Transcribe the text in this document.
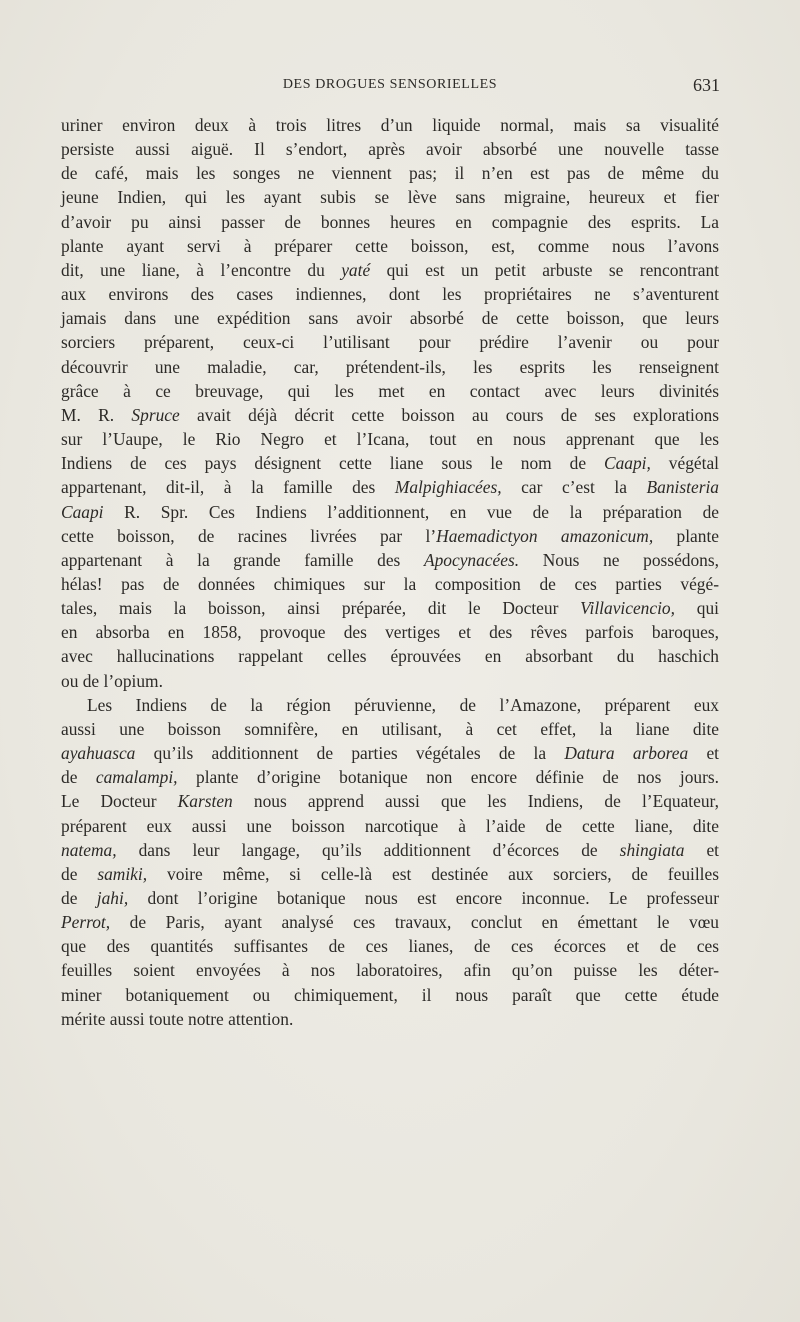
DES DROGUES SENSORIELLES	631
uriner environ deux à trois litres d’un liquide normal, mais sa visualité
persiste aussi aiguë. Il s’endort, après avoir absorbé une nouvelle tasse
de café, mais les songes ne viennent pas; il n’en est pas de même du
jeune Indien, qui les ayant subis se lève sans migraine, heureux et fier
d’avoir pu ainsi passer de bonnes heures en compagnie des esprits. La
plante ayant servi à préparer cette boisson, est, comme nous l’avons
dit, une liane, à l’encontre du yaté qui est un petit arbuste se rencontrant
aux environs des cases indiennes, dont les propriétaires ne s’aventurent
jamais dans une expédition sans avoir absorbé de cette boisson, que leurs
sorciers préparent, ceux-ci l’utilisant pour prédire l’avenir ou pour
découvrir une maladie, car, prétendent-ils, les esprits les renseignent
grâce à ce breuvage, qui les met en contact avec leurs divinités
M. R. Spruce avait déjà décrit cette boisson au cours de ses explorations
sur l’Uaupe, le Rio Negro et l’Icana, tout en nous apprenant que les
Indiens de ces pays désignent cette liane sous le nom de Caapi, végétal
appartenant, dit-il, à la famille des Malpighiacées, car c’est la Banisteria
Caapi R. Spr. Ces Indiens l’additionnent, en vue de la préparation de
cette boisson, de racines livrées par l’Haemadictyon amazonicum, plante
appartenant à la grande famille des Apocynacées. Nous ne possédons,
hélas! pas de données chimiques sur la composition de ces parties végé-
tales, mais la boisson, ainsi préparée, dit le Docteur Villavicencio, qui
en absorba en 1858, provoque des vertiges et des rêves parfois baroques,
avec hallucinations rappelant celles éprouvées en absorbant du haschich
ou de l’opium.
Les Indiens de la région péruvienne, de l’Amazone, préparent eux
aussi une boisson somnifère, en utilisant, à cet effet, la liane dite
ayahuasca qu’ils additionnent de parties végétales de la Datura arborea et
de camalampi, plante d’origine botanique non encore définie de nos jours.
Le Docteur Karsten nous apprend aussi que les Indiens, de l’Equateur,
préparent eux aussi une boisson narcotique à l’aide de cette liane, dite
natema, dans leur langage, qu’ils additionnent d’écorces de shingiata et
de samiki, voire même, si celle-là est destinée aux sorciers, de feuilles
de jahi, dont l’origine botanique nous est encore inconnue. Le professeur
Perrot, de Paris, ayant analysé ces travaux, conclut en émettant le vœu
que des quantités suffisantes de ces lianes, de ces écorces et de ces
feuilles soient envoyées à nos laboratoires, afin qu’on puisse les déter-
miner botaniquement ou chimiquement, il nous paraît que cette étude
mérite aussi toute notre attention.
